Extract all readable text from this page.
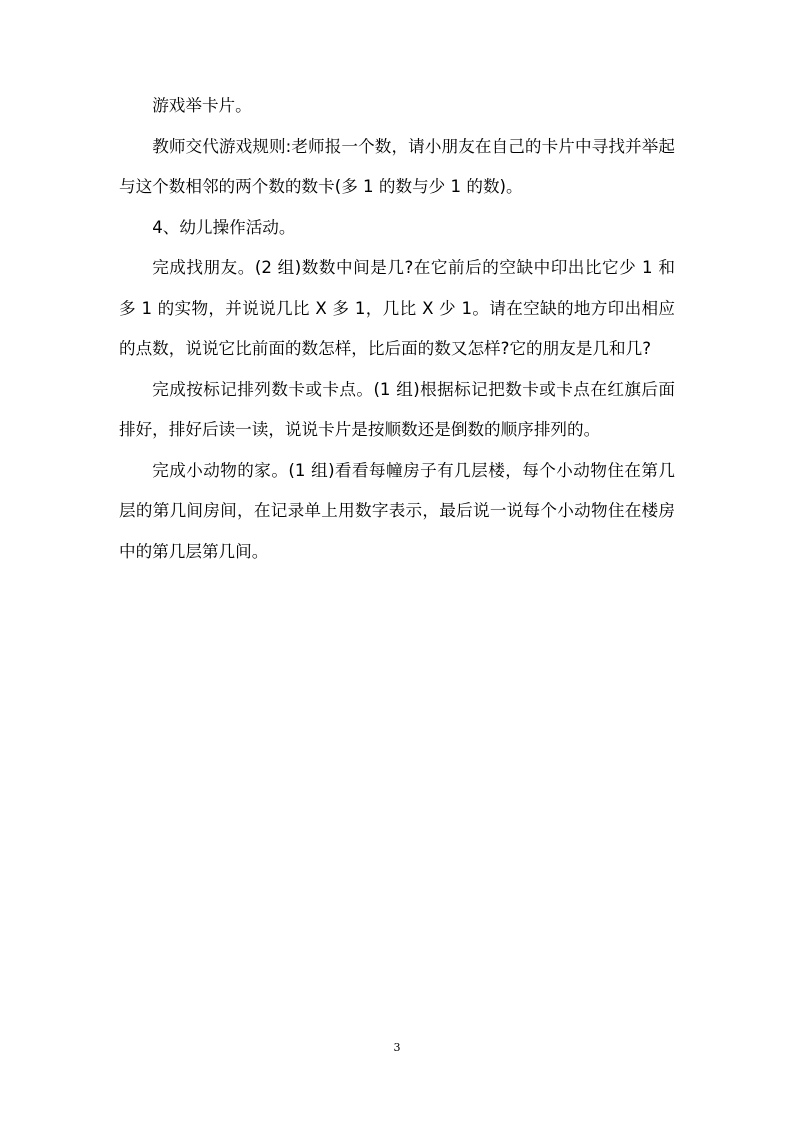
游戏举卡片。

教师交代游戏规则:老师报一个数，请小朋友在自己的卡片中寻找并举起与这个数相邻的两个数的数卡(多 1 的数与少 1 的数)。

4、幼儿操作活动。

完成找朋友。(2 组)数数中间是几?在它前后的空缺中印出比它少 1 和多 1 的实物，并说说几比 X 多 1，几比 X 少 1。请在空缺的地方印出相应的点数，说说它比前面的数怎样，比后面的数又怎样?它的朋友是几和几?

完成按标记排列数卡或卡点。(1 组)根据标记把数卡或卡点在红旗后面排好，排好后读一读，说说卡片是按顺数还是倒数的顺序排列的。

完成小动物的家。(1 组)看看每幢房子有几层楼，每个小动物住在第几层的第几间房间，在记录单上用数字表示，最后说一说每个小动物住在楼房中的第几层第几间。

3
